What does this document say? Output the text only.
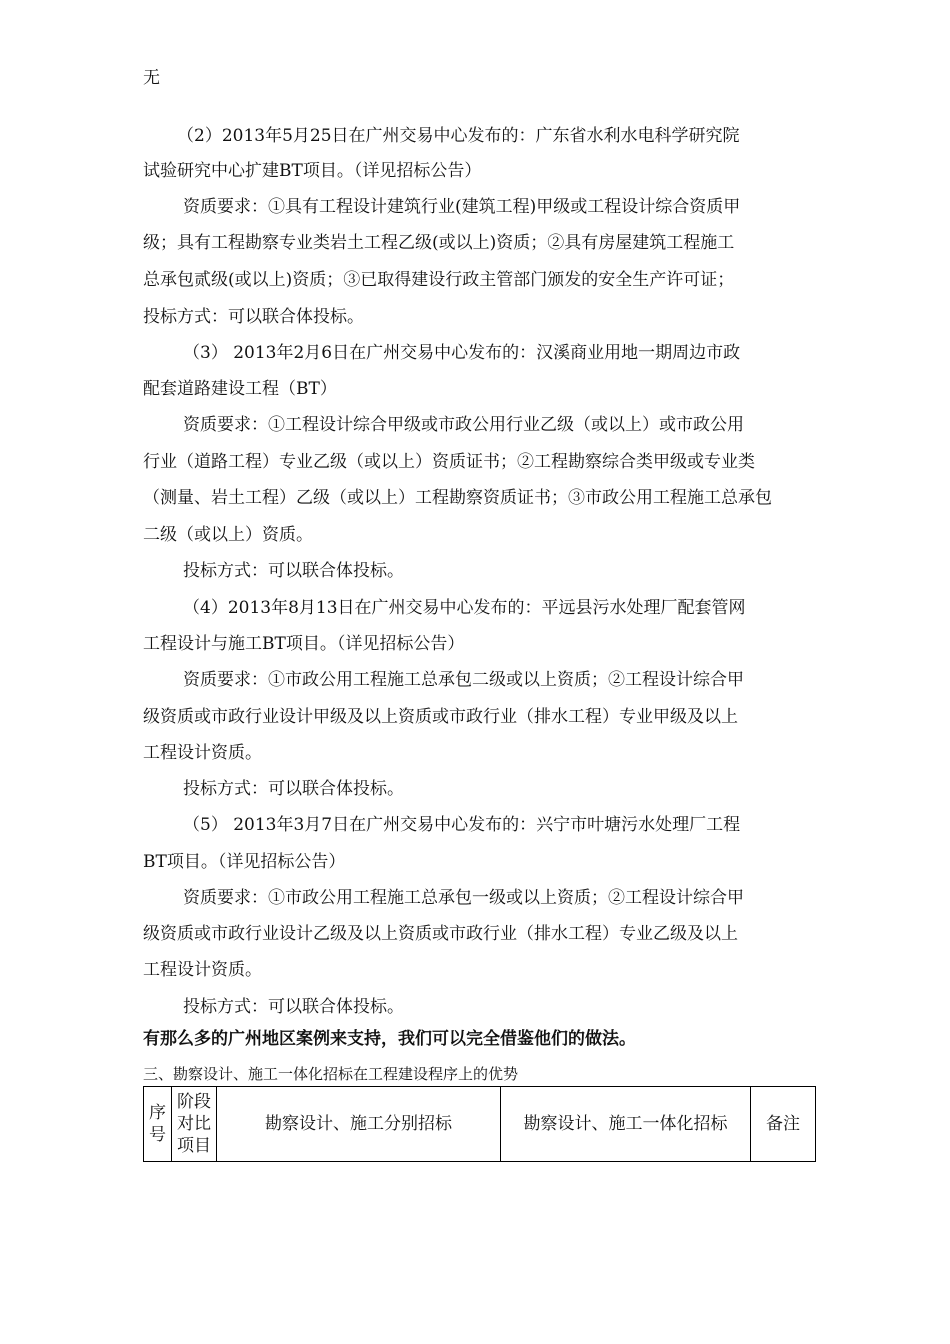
无
（2）2013年5月25日在广州交易中心发布的：广东省水利水电科学研究院
试验研究中心扩建BT项目。（详见招标公告）
资质要求：①具有工程设计建筑行业(建筑工程)甲级或工程设计综合资质甲
级；具有工程勘察专业类岩土工程乙级(或以上)资质；②具有房屋建筑工程施工
总承包贰级(或以上)资质；③已取得建设行政主管部门颁发的安全生产许可证；
投标方式：可以联合体投标。
（3） 2013年2月6日在广州交易中心发布的：汉溪商业用地一期周边市政
配套道路建设工程（BT）
资质要求：①工程设计综合甲级或市政公用行业乙级（或以上）或市政公用
行业（道路工程）专业乙级（或以上）资质证书；②工程勘察综合类甲级或专业类
（测量、岩土工程）乙级（或以上）工程勘察资质证书；③市政公用工程施工总承包
二级（或以上）资质。
投标方式：可以联合体投标。
（4）2013年8月13日在广州交易中心发布的：平远县污水处理厂配套管网
工程设计与施工BT项目。（详见招标公告）
资质要求：①市政公用工程施工总承包二级或以上资质；②工程设计综合甲
级资质或市政行业设计甲级及以上资质或市政行业（排水工程）专业甲级及以上
工程设计资质。
投标方式：可以联合体投标。
（5） 2013年3月7日在广州交易中心发布的：兴宁市叶塘污水处理厂工程
BT项目。（详见招标公告）
资质要求：①市政公用工程施工总承包一级或以上资质；②工程设计综合甲
级资质或市政行业设计乙级及以上资质或市政行业（排水工程）专业乙级及以上
工程设计资质。
投标方式：可以联合体投标。
有那么多的广州地区案例来支持，我们可以完全借鉴他们的做法。
三、勘察设计、施工一体化招标在工程建设程序上的优势
序号	阶段对比项目	勘察设计、施工分别招标	勘察设计、施工一体化招标	备注
